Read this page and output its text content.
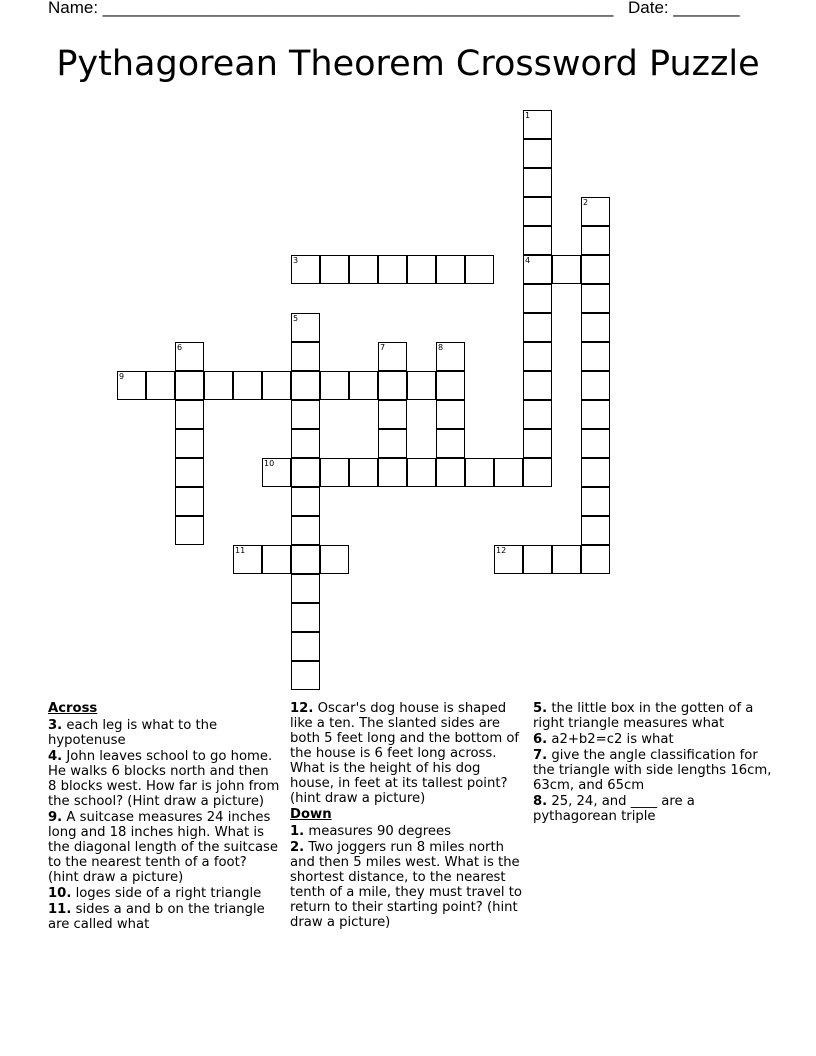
Name: ______________________________________________________ Date: _______
Pythagorean Theorem Crossword Puzzle
1
4
2
3
5
6	7	8
9
10
11	12
Across
3. each leg is what to the hypotenuse
4. John leaves school to go home. He walks 6 blocks north and then 8 blocks west. How far is john from the school? (Hint draw a picture)
9. A suitcase measures 24 inches long and 18 inches high. What is the diagonal length of the suitcase to the nearest tenth of a foot? (hint draw a picture)
10. loges side of a right triangle
11. sides a and b on the triangle are called what
12. Oscar's dog house is shaped like a ten. The slanted sides are both 5 feet long and the bottom of the house is 6 feet long across. What is the height of his dog house, in feet at its tallest point? (hint draw a picture)
Down
1. measures 90 degrees
2. Two joggers run 8 miles north and then 5 miles west. What is the shortest distance, to the nearest tenth of a mile, they must travel to return to their starting point? (hint draw a picture)
5. the little box in the gotten of a right triangle measures what
6. a2+b2=c2 is what
7. give the angle classification for the triangle with side lengths 16cm, 63cm, and 65cm
8. 25, 24, and ____ are a pythagorean triple
